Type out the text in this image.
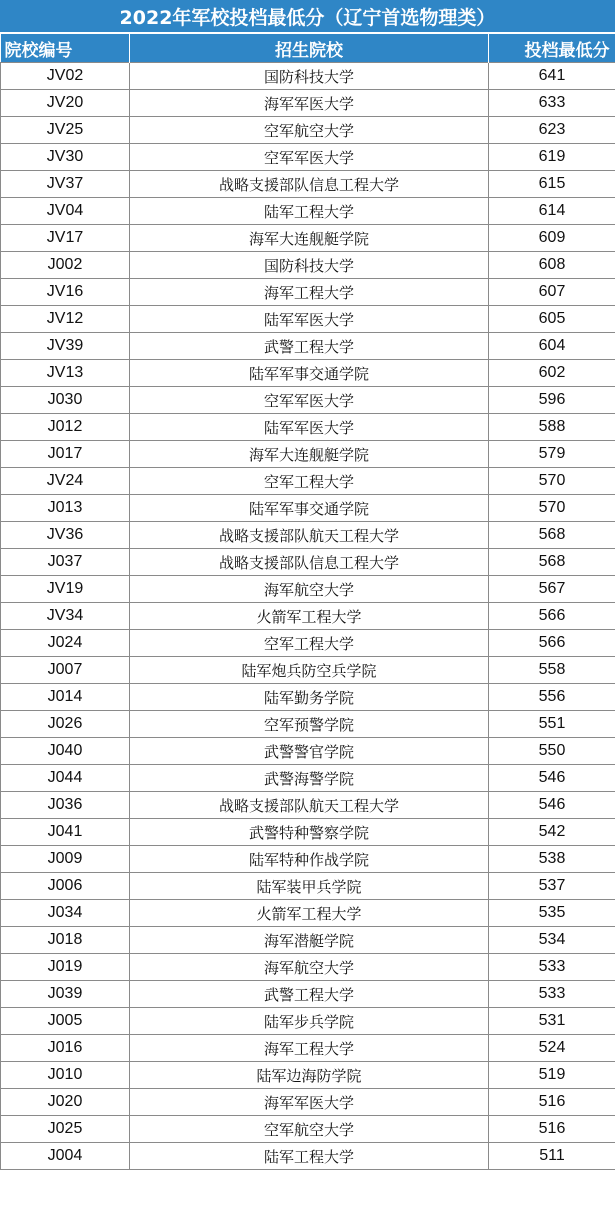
2022年军校投档最低分（辽宁首选物理类）
院校编号	招生院校	投档最低分
JV02	国防科技大学	641
JV20	海军军医大学	633
JV25	空军航空大学	623
JV30	空军军医大学	619
JV37	战略支援部队信息工程大学	615
JV04	陆军工程大学	614
JV17	海军大连舰艇学院	609
J002	国防科技大学	608
JV16	海军工程大学	607
JV12	陆军军医大学	605
JV39	武警工程大学	604
JV13	陆军军事交通学院	602
J030	空军军医大学	596
J012	陆军军医大学	588
J017	海军大连舰艇学院	579
JV24	空军工程大学	570
J013	陆军军事交通学院	570
JV36	战略支援部队航天工程大学	568
J037	战略支援部队信息工程大学	568
JV19	海军航空大学	567
JV34	火箭军工程大学	566
J024	空军工程大学	566
J007	陆军炮兵防空兵学院	558
J014	陆军勤务学院	556
J026	空军预警学院	551
J040	武警警官学院	550
J044	武警海警学院	546
J036	战略支援部队航天工程大学	546
J041	武警特种警察学院	542
J009	陆军特种作战学院	538
J006	陆军装甲兵学院	537
J034	火箭军工程大学	535
J018	海军潜艇学院	534
J019	海军航空大学	533
J039	武警工程大学	533
J005	陆军步兵学院	531
J016	海军工程大学	524
J010	陆军边海防学院	519
J020	海军军医大学	516
J025	空军航空大学	516
J004	陆军工程大学	511
